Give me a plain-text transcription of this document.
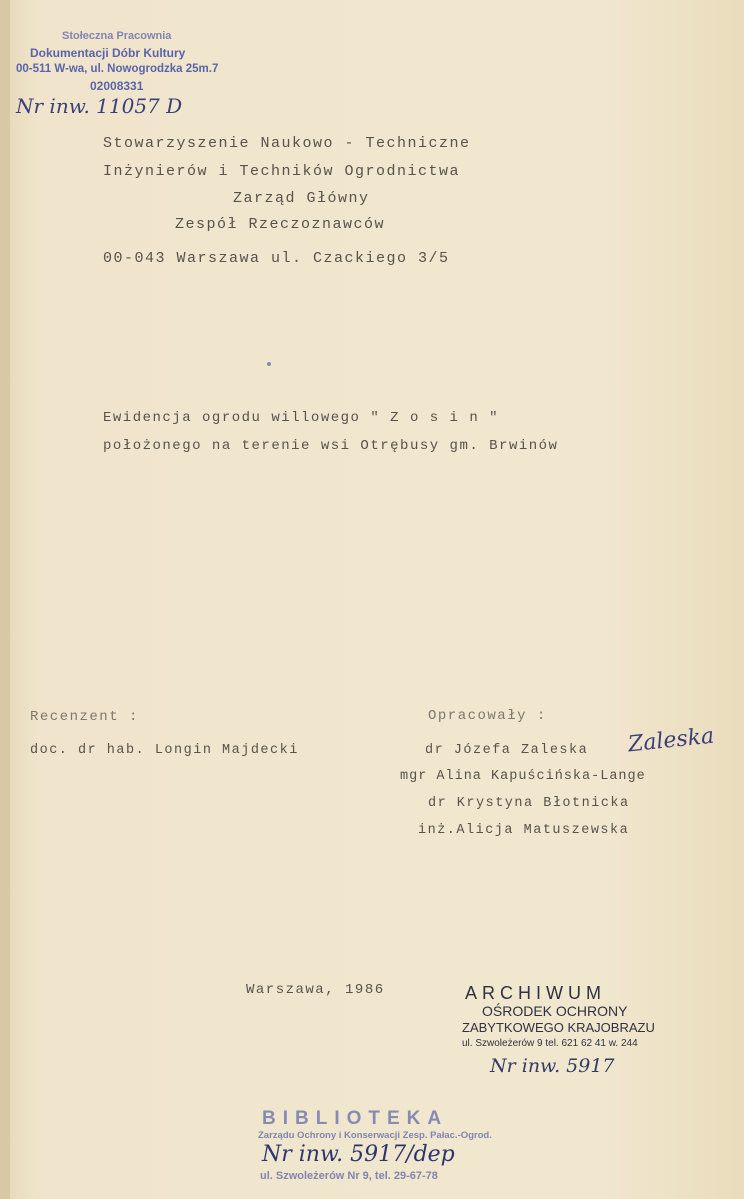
Stołeczna Pracownia
Dokumentacji Dóbr Kultury
00-511 W-wa, ul. Nowogrodzka 25m.7
02008331
Nr inw. 11057 D
Stowarzyszenie Naukowo - Techniczne
Inżynierów i Techników Ogrodnictwa
Zarząd Główny
Zespół Rzeczoznawców
00-043 Warszawa ul. Czackiego 3/5
Ewidencja ogrodu willowego " Z o s i n "
położonego na terenie wsi Otrębusy gm. Brwinów
Recenzent :
doc. dr hab. Longin Majdecki
Opracowały :
dr Józefa Zaleska Zaleska
mgr Alina Kapuścińska-Lange
dr Krystyna Błotnicka
inż.Alicja Matuszewska
Warszawa, 1986	ARCHIWUM
OŚRODEK OCHRONY
ZABYTKOWEGO KRAJOBRAZU
ul. Szwoleżerów 9 tel. 621 62 41 w. 244
Nr inw. 5917
BIBLIOTEKA
Zarządu Ochrony i Konserwacji Zesp. Pałac.-Ogrod.
Nr inw. 5917/dep
ul. Szwoleżerów Nr 9, tel. 29-67-78
